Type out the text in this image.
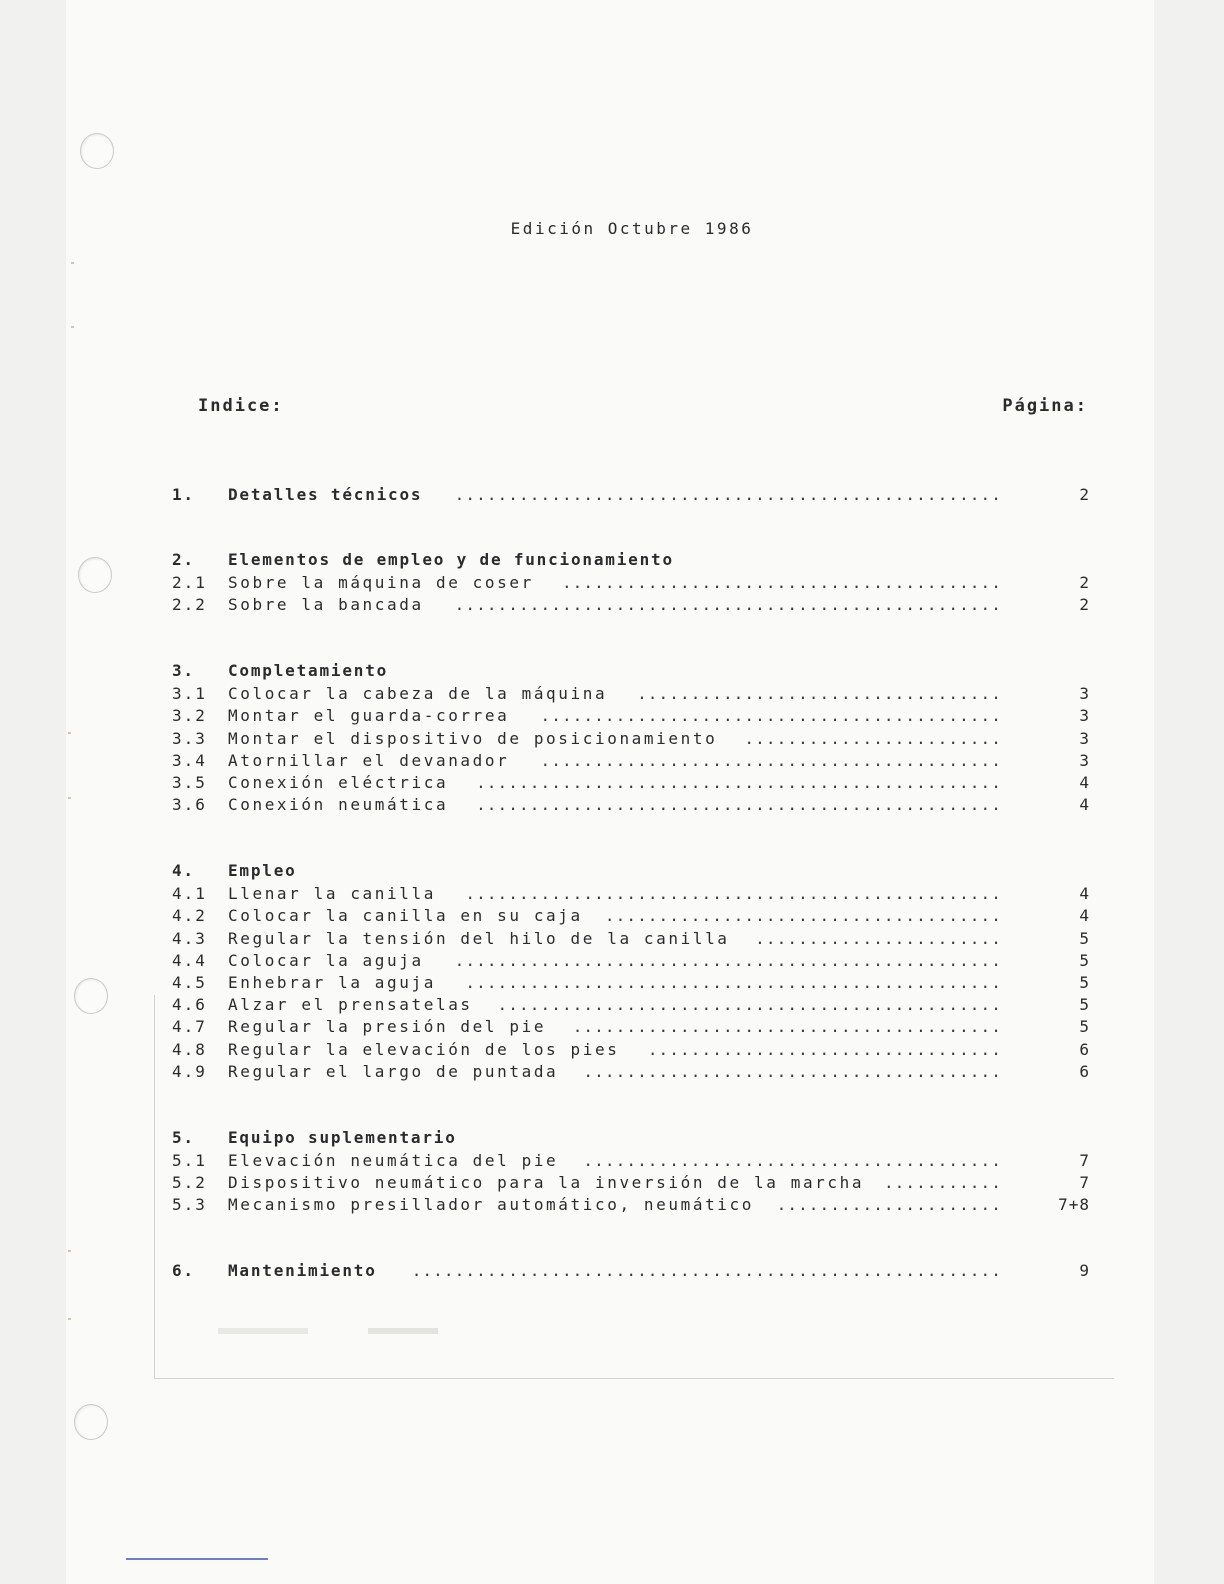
Edición Octubre 1986
Indice:	Página:
1. Detalles técnicos	2
...................................................
2. Elementos de empleo y de funcionamiento
2.1 Sobre la máquina de coser	2
.........................................
2.2 Sobre la bancada	2
...................................................
3. Completamiento
3.1 Colocar la cabeza de la máquina	3
..................................
3.2 Montar el guarda-correa	3
...........................................
3.3 Montar el dispositivo de posicionamiento	3
........................
3.4 Atornillar el devanador	3
...........................................
3.5 Conexión eléctrica	4
.................................................
3.6 Conexión neumática	4
.................................................
4. Empleo
4.1 Llenar la canilla	4
..................................................
4.2 Colocar la canilla en su caja	4
.....................................
4.3 Regular la tensión del hilo de la canilla	5
.......................
4.4 Colocar la aguja	5
...................................................
4.5 Enhebrar la aguja	5
..................................................
4.6 Alzar el prensatelas	5
...............................................
4.7 Regular la presión del pie	5
........................................
4.8 Regular la elevación de los pies	6
.................................
4.9 Regular el largo de puntada	6
.......................................
5. Equipo suplementario
5.1 Elevación neumática del pie	7
.......................................
5.2 Dispositivo neumático para la inversión de la marcha	7
...........
5.3 Mecanismo presillador automático, neumático	7+8
.....................
6. Mantenimiento	9
.......................................................
